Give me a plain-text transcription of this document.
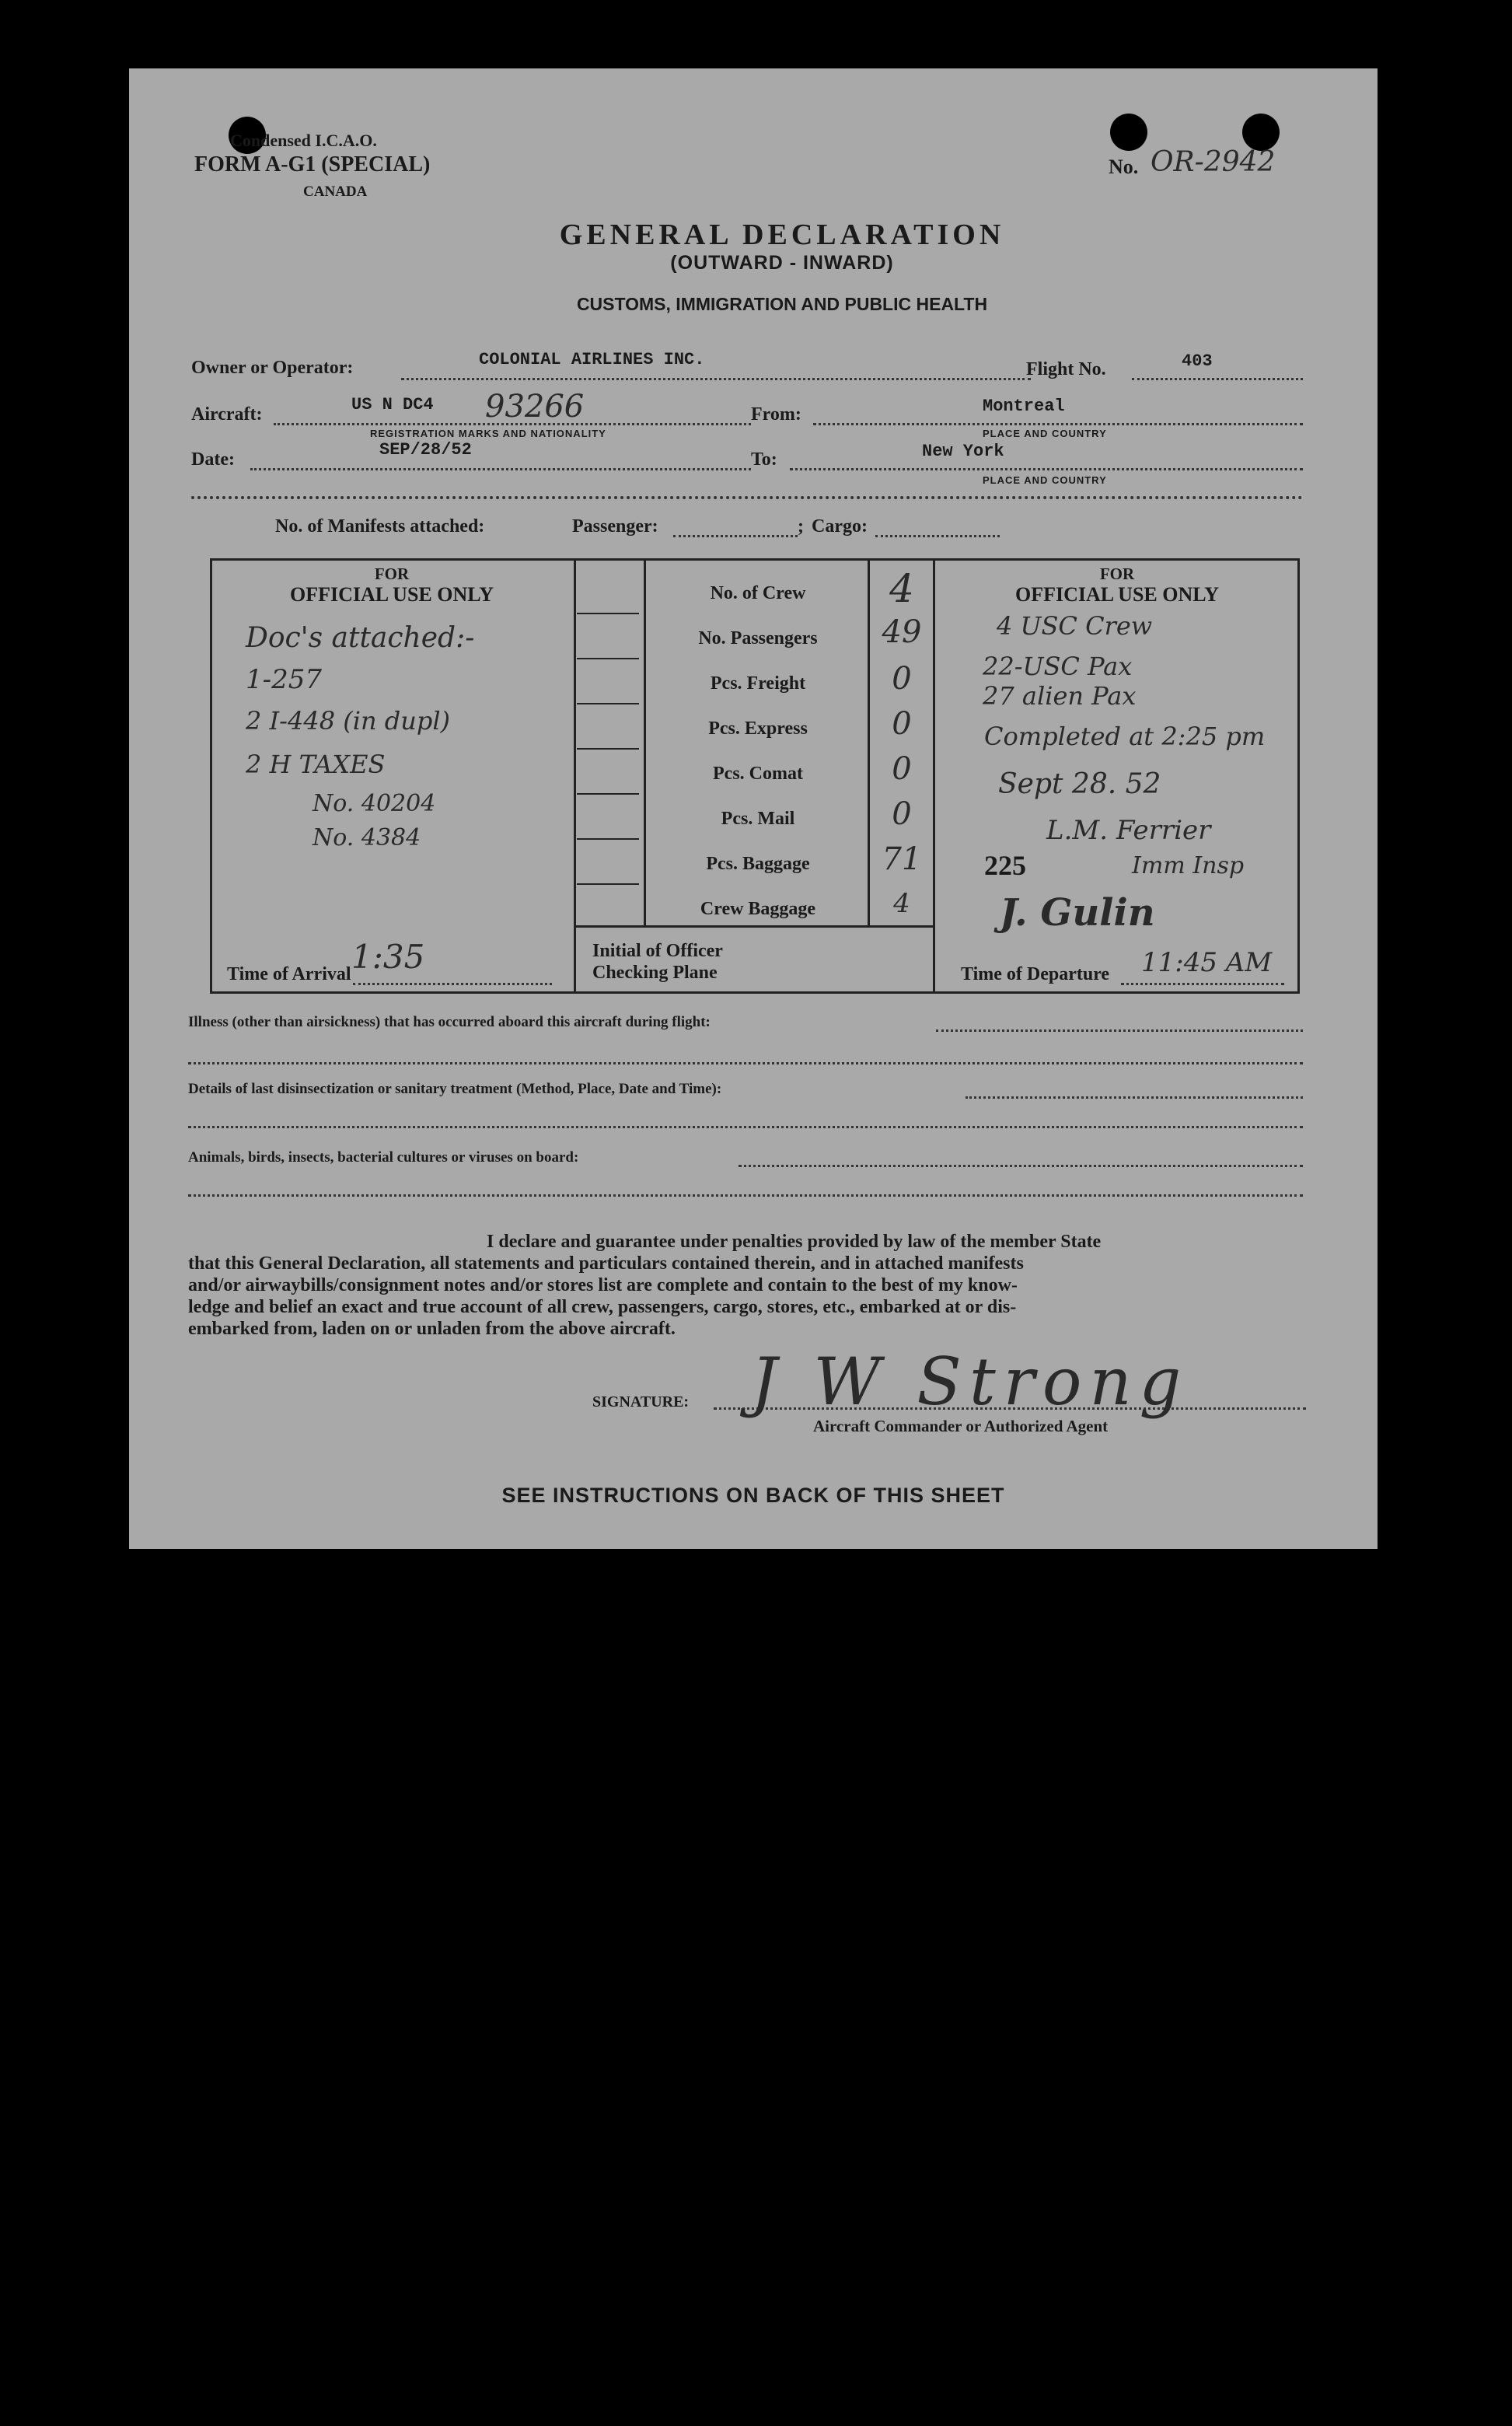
Condensed I.C.A.O.
FORM A-G1 (SPECIAL)
CANADA
No. OR-2942
GENERAL DECLARATION
(OUTWARD - INWARD)
CUSTOMS, IMMIGRATION AND PUBLIC HEALTH
Owner or Operator:	COLONIAL AIRLINES INC.	Flight No.	403
Aircraft:	US N DC4 93266
REGISTRATION MARKS AND NATIONALITY
From:	Montreal
PLACE AND COUNTRY
Date:	SEP/28/52	To:	New York
PLACE AND COUNTRY
No. of Manifests attached:	Passenger:	; Cargo:
FOR
OFFICIAL USE ONLY
Doc's attached:-
1-257
2 I-448 (in dupl)
2 H TAXES
No. 40204
No. 4384
Time of Arrival 1:35
No. of Crew	4
No. Passengers	49
Pcs. Freight	0
Pcs. Express	0
Pcs. Comat	0
Pcs. Mail	0
Pcs. Baggage	71
Crew Baggage	4
Initial of Officer
Checking Plane
FOR
OFFICIAL USE ONLY
4 USC Crew
22-USC Pax
27 alien Pax
Completed at 2:25 pm
Sept 28. 52
L.M. Ferrier
225	Imm Insp
J. Gulin
Time of Departure 11:45 AM
Illness (other than airsickness) that has occurred aboard this aircraft during flight:
Details of last disinsectization or sanitary treatment (Method, Place, Date and Time):
Animals, birds, insects, bacterial cultures or viruses on board:
I declare and guarantee under penalties provided by law of the member State
that this General Declaration, all statements and particulars contained therein, and in attached manifests
and/or airwaybills/consignment notes and/or stores list are complete and contain to the best of my know-
ledge and belief an exact and true account of all crew, passengers, cargo, stores, etc., embarked at or dis-
embarked from, laden on or unladen from the above aircraft.
SIGNATURE: J W Strong
Aircraft Commander or Authorized Agent
SEE INSTRUCTIONS ON BACK OF THIS SHEET
